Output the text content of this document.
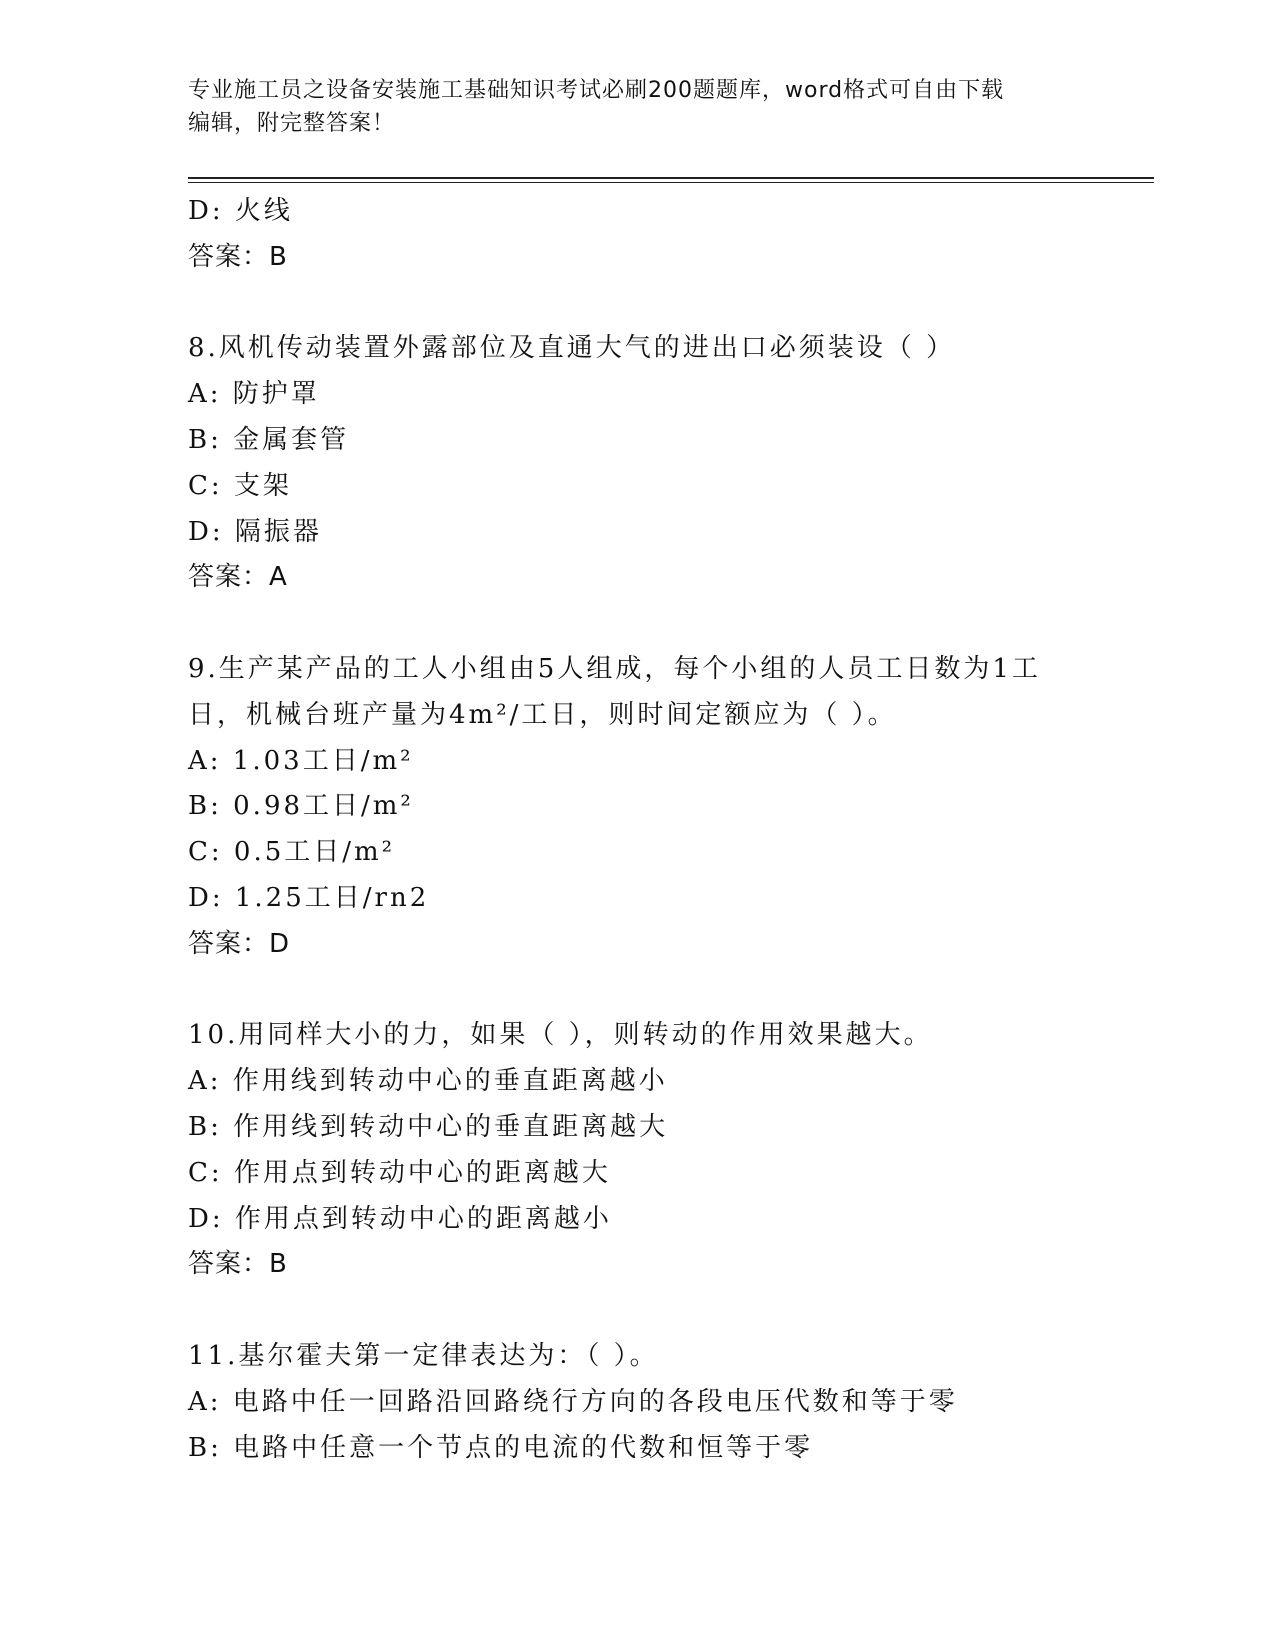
专业施工员之设备安装施工基础知识考试必刷200题题库，word格式可自由下载
编辑，附完整答案！
D: 火线
答案：B
8.风机传动装置外露部位及直通大气的进出口必须装设（ ）
A: 防护罩
B: 金属套管
C: 支架
D: 隔振器
答案：A
9.生产某产品的工人小组由5人组成，每个小组的人员工日数为1工
日，机械台班产量为4m²/工日，则时间定额应为（ ）。
A: 1.03工日/m²
B: 0.98工日/m²
C: 0.5工日/m²
D: 1.25工日/rn2
答案：D
10.用同样大小的力，如果（ ），则转动的作用效果越大。
A: 作用线到转动中心的垂直距离越小
B: 作用线到转动中心的垂直距离越大
C: 作用点到转动中心的距离越大
D: 作用点到转动中心的距离越小
答案：B
11.基尔霍夫第一定律表达为：（ ）。
A: 电路中任一回路沿回路绕行方向的各段电压代数和等于零
B: 电路中任意一个节点的电流的代数和恒等于零
